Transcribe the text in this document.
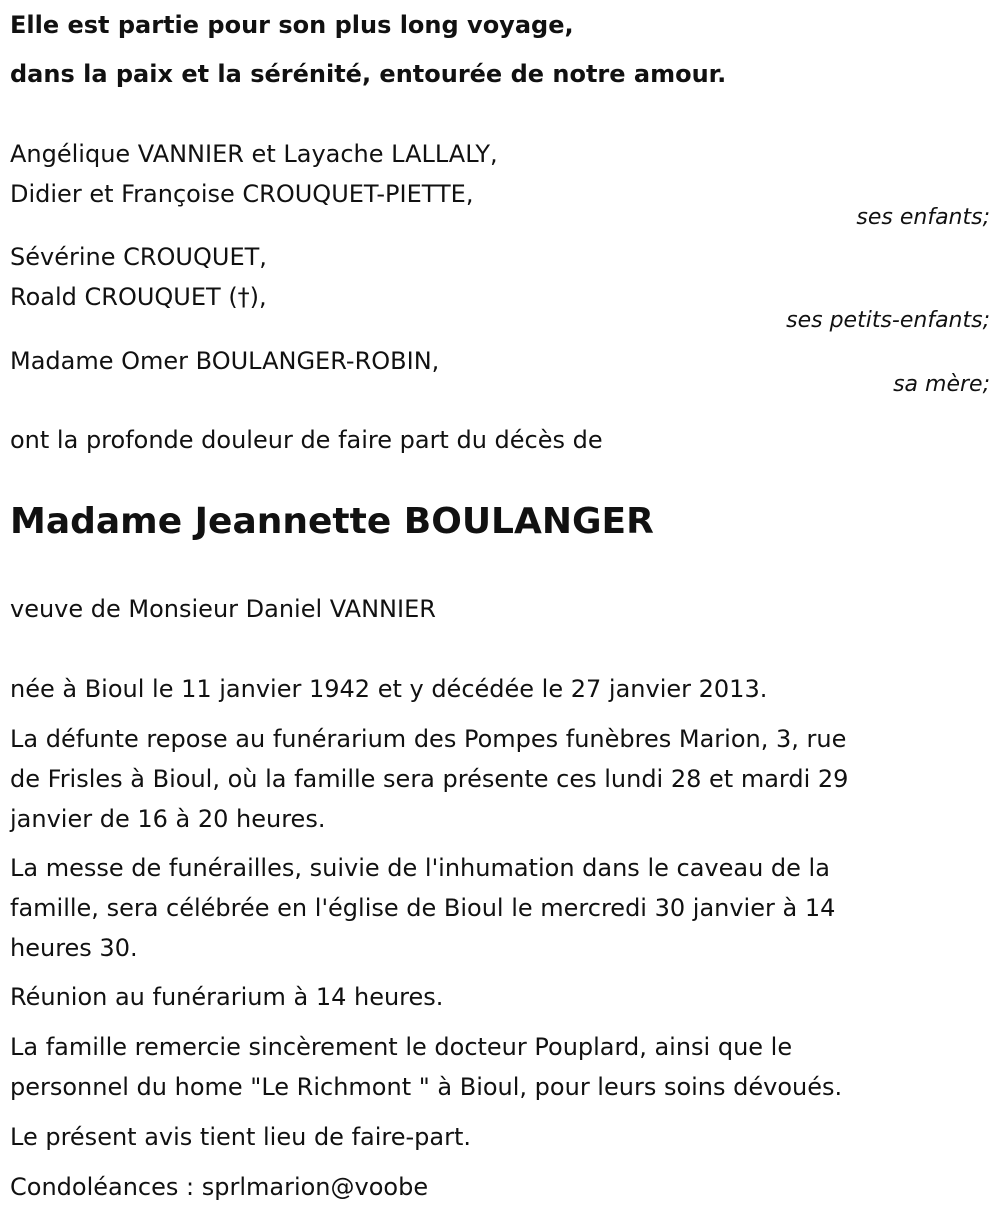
Elle est partie pour son plus long voyage,
dans la paix et la sérénité, entourée de notre amour.
Angélique VANNIER et Layache LALLALY,
Didier et Françoise CROUQUET-PIETTE,
ses enfants;
Sévérine CROUQUET,
Roald CROUQUET (†),
ses petits-enfants;
Madame Omer BOULANGER-ROBIN,
sa mère;
ont la profonde douleur de faire part du décès de
Madame Jeannette BOULANGER
veuve de Monsieur Daniel VANNIER
née à Bioul le 11 janvier 1942 et y décédée le 27 janvier 2013.
La défunte repose au funérarium des Pompes funèbres Marion, 3, rue
de Frisles à Bioul, où la famille sera présente ces lundi 28 et mardi 29
janvier de 16 à 20 heures.
La messe de funérailles, suivie de l'inhumation dans le caveau de la
famille, sera célébrée en l'église de Bioul le mercredi 30 janvier à 14
heures 30.
Réunion au funérarium à 14 heures.
La famille remercie sincèrement le docteur Pouplard, ainsi que le
personnel du home "Le Richmont " à Bioul, pour leurs soins dévoués.
Le présent avis tient lieu de faire-part.
Condoléances : sprlmarion@voobe
